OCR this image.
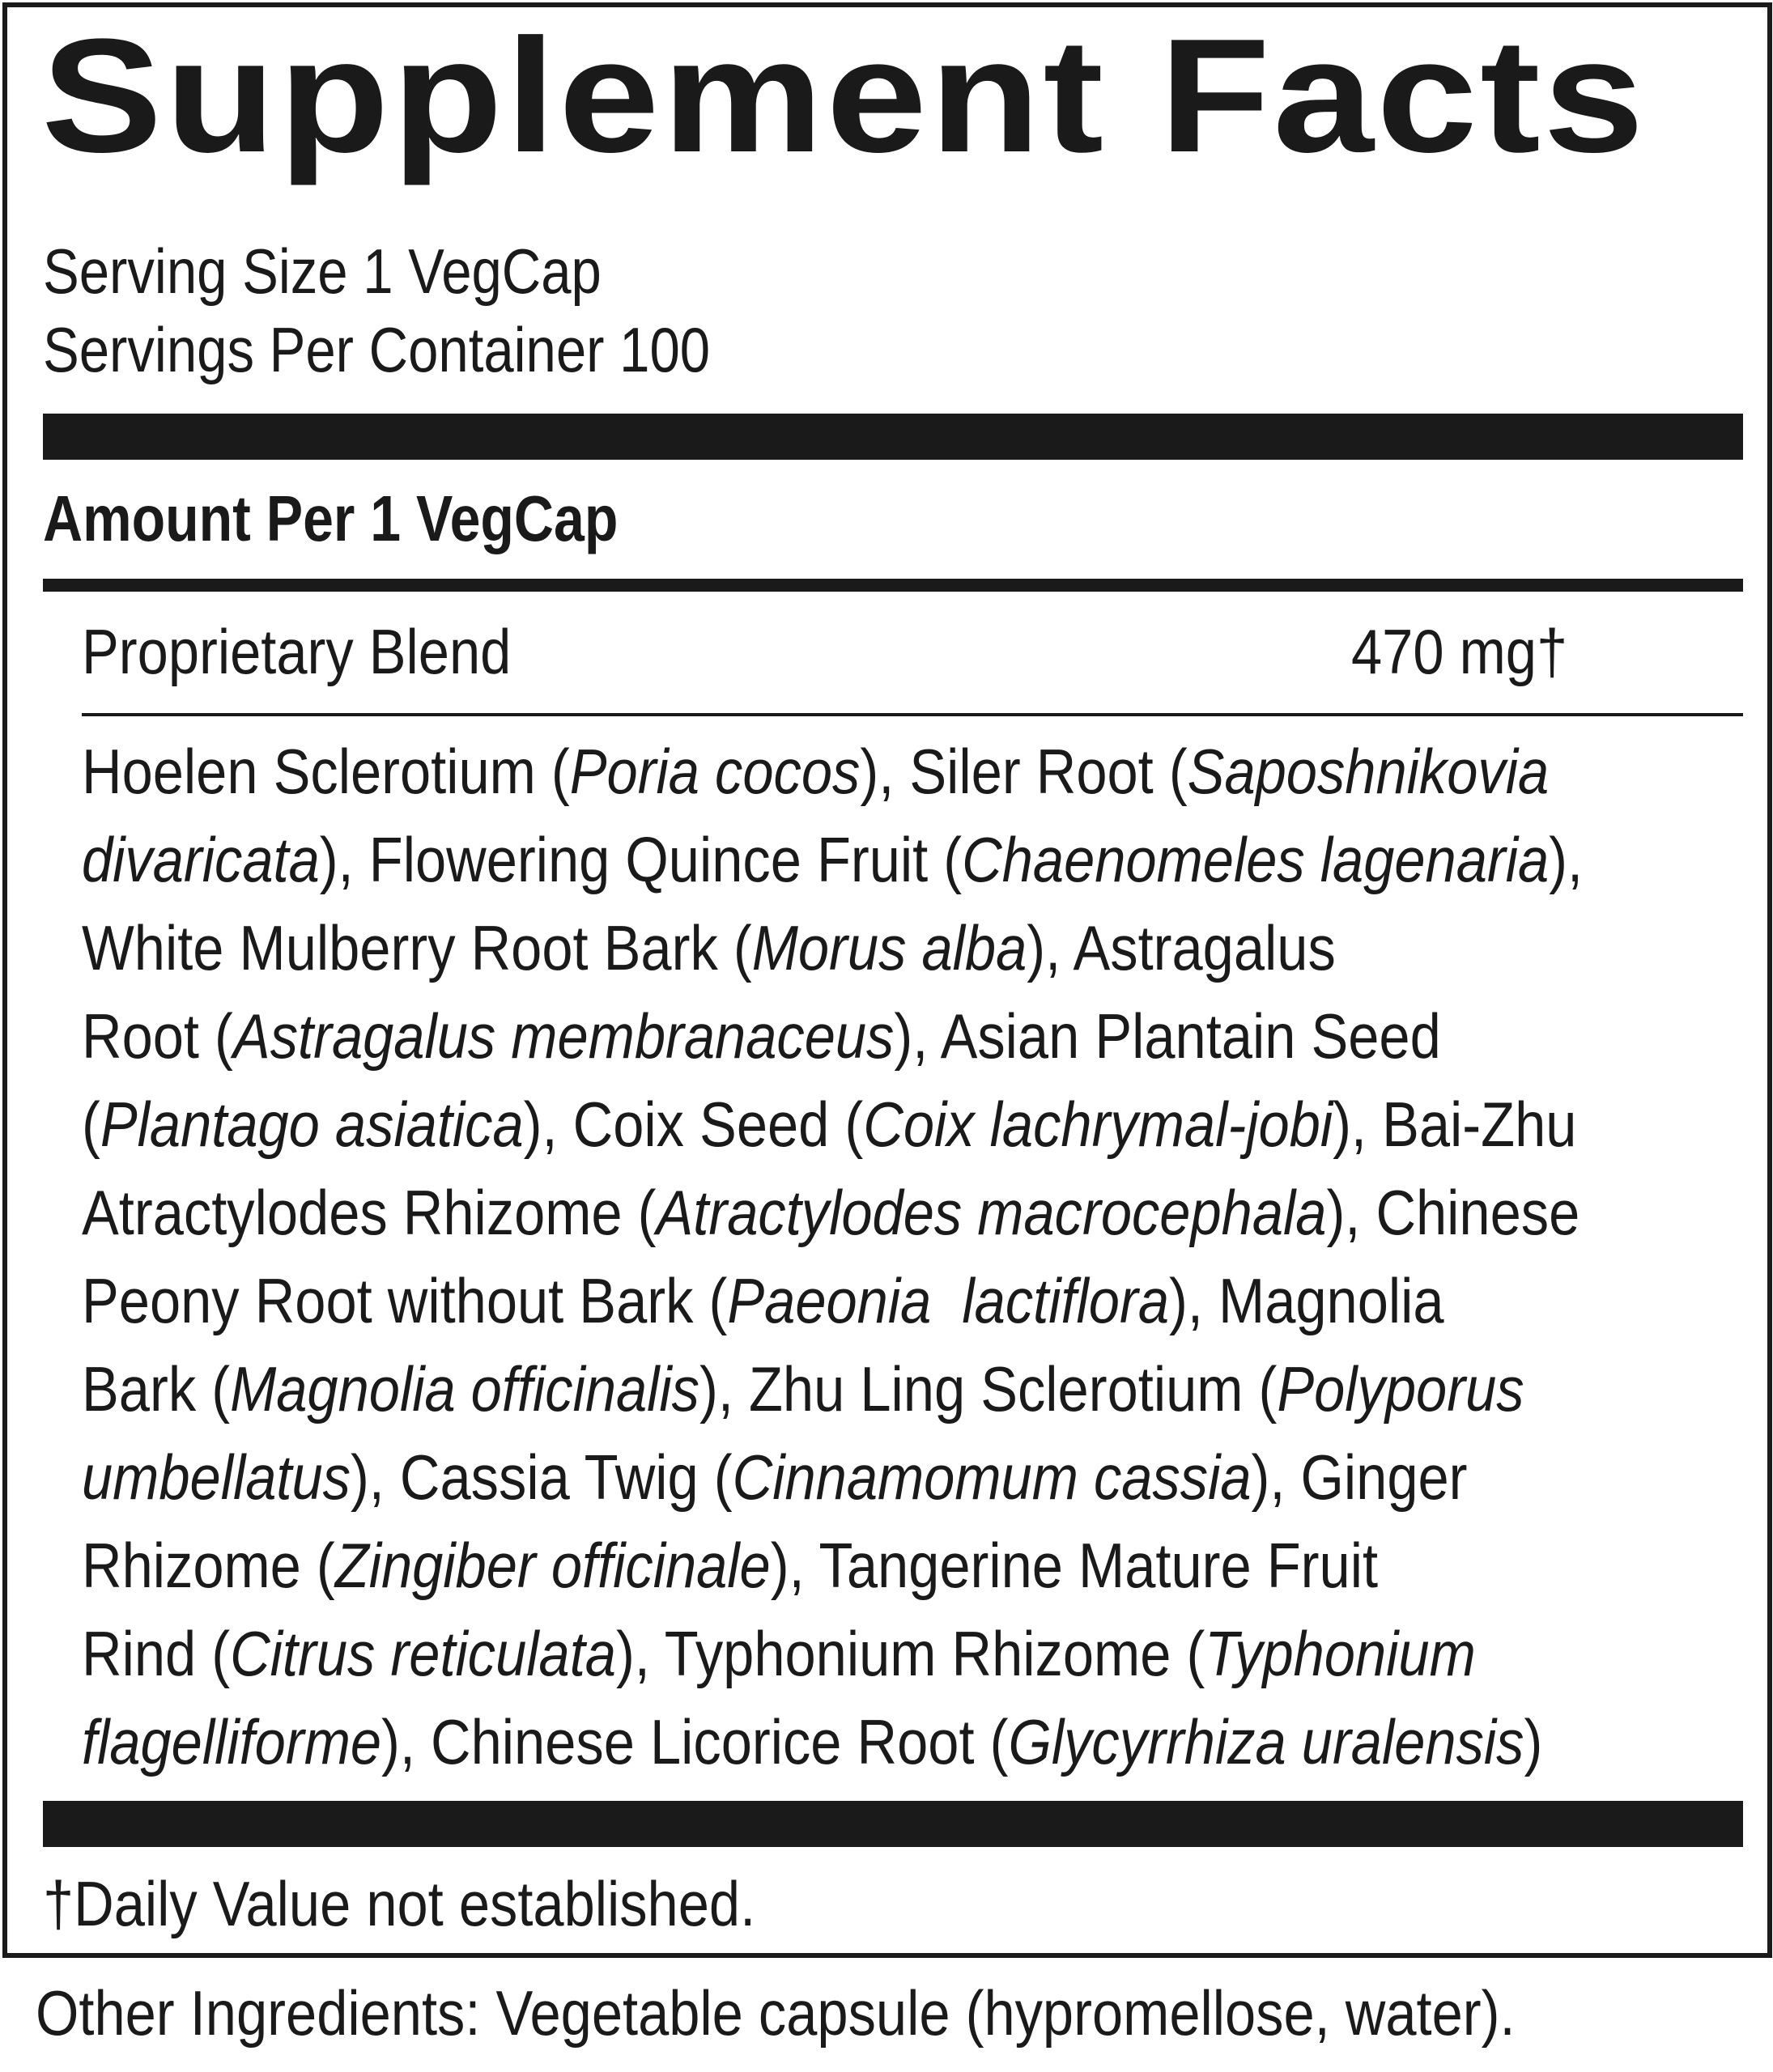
Supplement Facts
Serving Size 1 VegCap
Servings Per Container 100
Amount Per 1 VegCap
Proprietary Blend	470 mg†
Hoelen Sclerotium (Poria cocos), Siler Root (Saposhnikovia
divaricata), Flowering Quince Fruit (Chaenomeles lagenaria),
White Mulberry Root Bark (Morus alba), Astragalus
Root (Astragalus membranaceus), Asian Plantain Seed
(Plantago asiatica), Coix Seed (Coix lachrymal-jobi), Bai-Zhu
Atractylodes Rhizome (Atractylodes macrocephala), Chinese
Peony Root without Bark (Paeonia  lactiflora), Magnolia
Bark (Magnolia officinalis), Zhu Ling Sclerotium (Polyporus
umbellatus), Cassia Twig (Cinnamomum cassia), Ginger
Rhizome (Zingiber officinale), Tangerine Mature Fruit
Rind (Citrus reticulata), Typhonium Rhizome (Typhonium
flagelliforme), Chinese Licorice Root (Glycyrrhiza uralensis)
†Daily Value not established.
Other Ingredients: Vegetable capsule (hypromellose, water).
